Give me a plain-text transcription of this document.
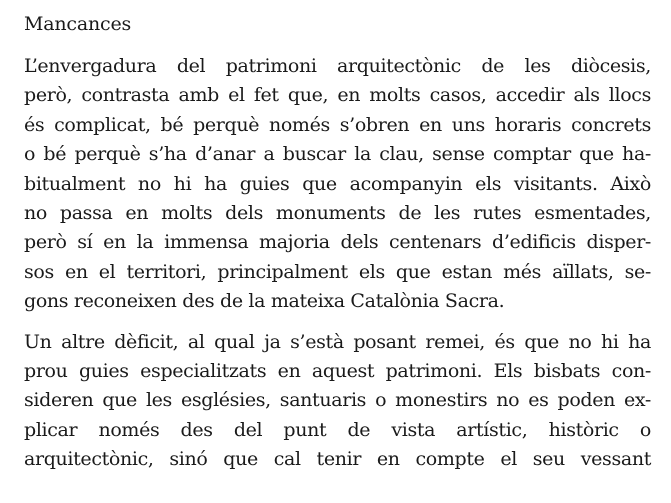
Mancances
L’envergadura del patrimoni arquitectònic de les diòcesis,
però, contrasta amb el fet que, en molts casos, accedir als llocs
és complicat, bé perquè només s’obren en uns horaris concrets
o bé perquè s’ha d’anar a buscar la clau, sense comptar que ha-
bitualment no hi ha guies que acompanyin els visitants. Això
no passa en molts dels monuments de les rutes esmentades,
però sí en la immensa majoria dels centenars d’edificis disper-
sos en el territori, principalment els que estan més aïllats, se-
gons reconeixen des de la mateixa Catalònia Sacra.
Un altre dèficit, al qual ja s’està posant remei, és que no hi ha
prou guies especialitzats en aquest patrimoni. Els bisbats con-
sideren que les esglésies, santuaris o monestirs no es poden ex-
plicar només des del punt de vista artístic, històric o
arquitectònic, sinó que cal tenir en compte el seu vessant
